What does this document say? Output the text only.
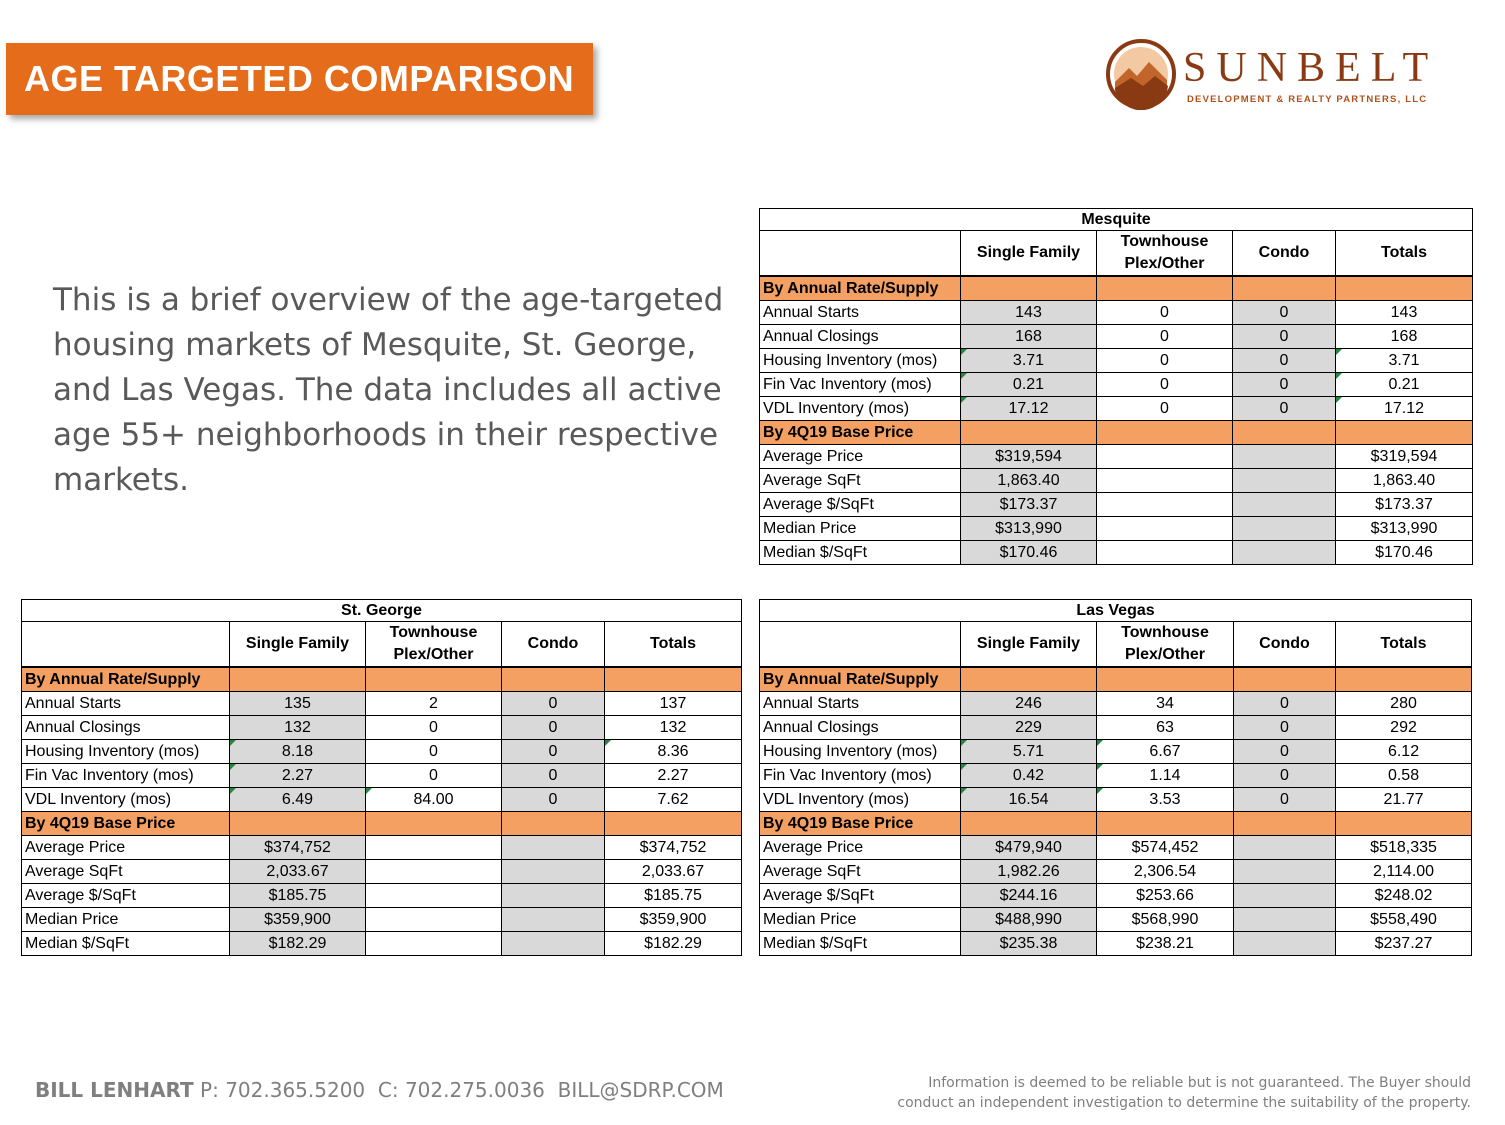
AGE TARGETED COMPARISON	SUNBELT
DEVELOPMENT & REALTY PARTNERS, LLC
This is a brief overview of the age-targeted housing markets of Mesquite, St. George, and Las Vegas. The data includes all active age 55+ neighborhoods in their respective markets.
Mesquite				
	Single Family	Townhouse Plex/Other	Condo	Totals
By Annual Rate/Supply				
Annual Starts	143	0	0	143
Annual Closings	168	0	0	168
Housing Inventory (mos)	3.71	0	0	3.71
Fin Vac Inventory (mos)	0.21	0	0	0.21
VDL Inventory (mos)	17.12	0	0	17.12
By 4Q19 Base Price				
Average Price	$319,594			$319,594
Average SqFt	1,863.40			1,863.40
Average $/SqFt	$173.37			$173.37
Median Price	$313,990			$313,990
Median $/SqFt	$170.46			$170.46
St. George				
	Single Family	Townhouse Plex/Other	Condo	Totals
By Annual Rate/Supply				
Annual Starts	135	2	0	137
Annual Closings	132	0	0	132
Housing Inventory (mos)	8.18	0	0	8.36
Fin Vac Inventory (mos)	2.27	0	0	2.27
VDL Inventory (mos)	6.49	84.00	0	7.62
By 4Q19 Base Price				
Average Price	$374,752			$374,752
Average SqFt	2,033.67			2,033.67
Average $/SqFt	$185.75			$185.75
Median Price	$359,900			$359,900
Median $/SqFt	$182.29			$182.29
Las Vegas				
	Single Family	Townhouse Plex/Other	Condo	Totals
By Annual Rate/Supply				
Annual Starts	246	34	0	280
Annual Closings	229	63	0	292
Housing Inventory (mos)	5.71	6.67	0	6.12
Fin Vac Inventory (mos)	0.42	1.14	0	0.58
VDL Inventory (mos)	16.54	3.53	0	21.77
By 4Q19 Base Price				
Average Price	$479,940	$574,452		$518,335
Average SqFt	1,982.26	2,306.54		2,114.00
Average $/SqFt	$244.16	$253.66		$248.02
Median Price	$488,990	$568,990		$558,490
Median $/SqFt	$235.38	$238.21		$237.27
BILL LENHART P: 702.365.5200 C: 702.275.0036 BILL@SDRP.COM	Information is deemed to be reliable but is not guaranteed. The Buyer should conduct an independent investigation to determine the suitability of the property.
